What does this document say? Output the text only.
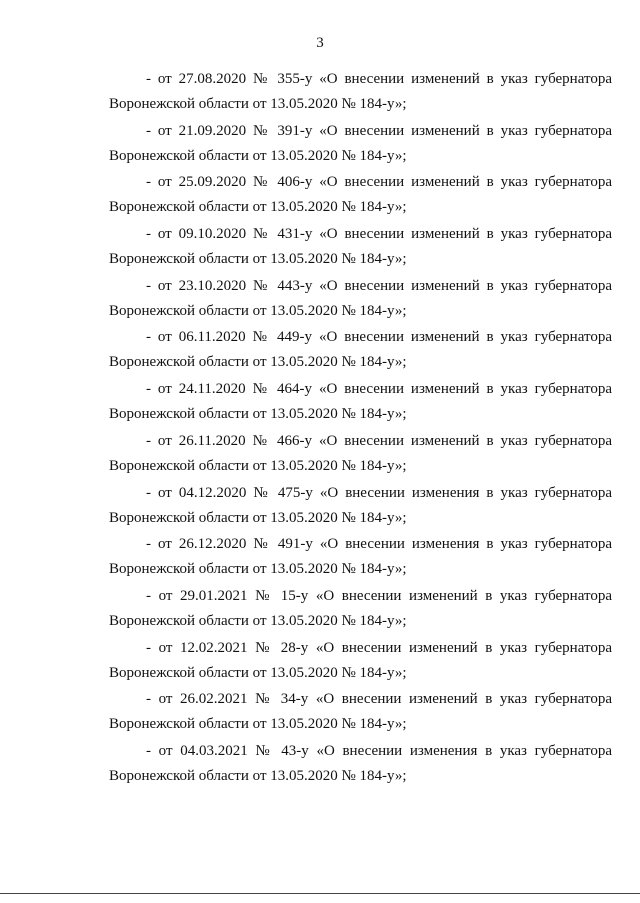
3
- от 27.08.2020 № 355-у «О внесении изменений в указ губернатора
Воронежской области от 13.05.2020 № 184-у»;
- от 21.09.2020 № 391-у «О внесении изменений в указ губернатора
Воронежской области от 13.05.2020 № 184-у»;
- от 25.09.2020 № 406-у «О внесении изменений в указ губернатора
Воронежской области от 13.05.2020 № 184-у»;
- от 09.10.2020 № 431-у «О внесении изменений в указ губернатора
Воронежской области от 13.05.2020 № 184-у»;
- от 23.10.2020 № 443-у «О внесении изменений в указ губернатора
Воронежской области от 13.05.2020 № 184-у»;
- от 06.11.2020 № 449-у «О внесении изменений в указ губернатора
Воронежской области от 13.05.2020 № 184-у»;
- от 24.11.2020 № 464-у «О внесении изменений в указ губернатора
Воронежской области от 13.05.2020 № 184-у»;
- от 26.11.2020 № 466-у «О внесении изменений в указ губернатора
Воронежской области от 13.05.2020 № 184-у»;
- от 04.12.2020 № 475-у «О внесении изменения в указ губернатора
Воронежской области от 13.05.2020 № 184-у»;
- от 26.12.2020 № 491-у «О внесении изменения в указ губернатора
Воронежской области от 13.05.2020 № 184-у»;
- от 29.01.2021 № 15-у «О внесении изменений в указ губернатора
Воронежской области от 13.05.2020 № 184-у»;
- от 12.02.2021 № 28-у «О внесении изменений в указ губернатора
Воронежской области от 13.05.2020 № 184-у»;
- от 26.02.2021 № 34-у «О внесении изменений в указ губернатора
Воронежской области от 13.05.2020 № 184-у»;
- от 04.03.2021 № 43-у «О внесении изменения в указ губернатора
Воронежской области от 13.05.2020 № 184-у»;
